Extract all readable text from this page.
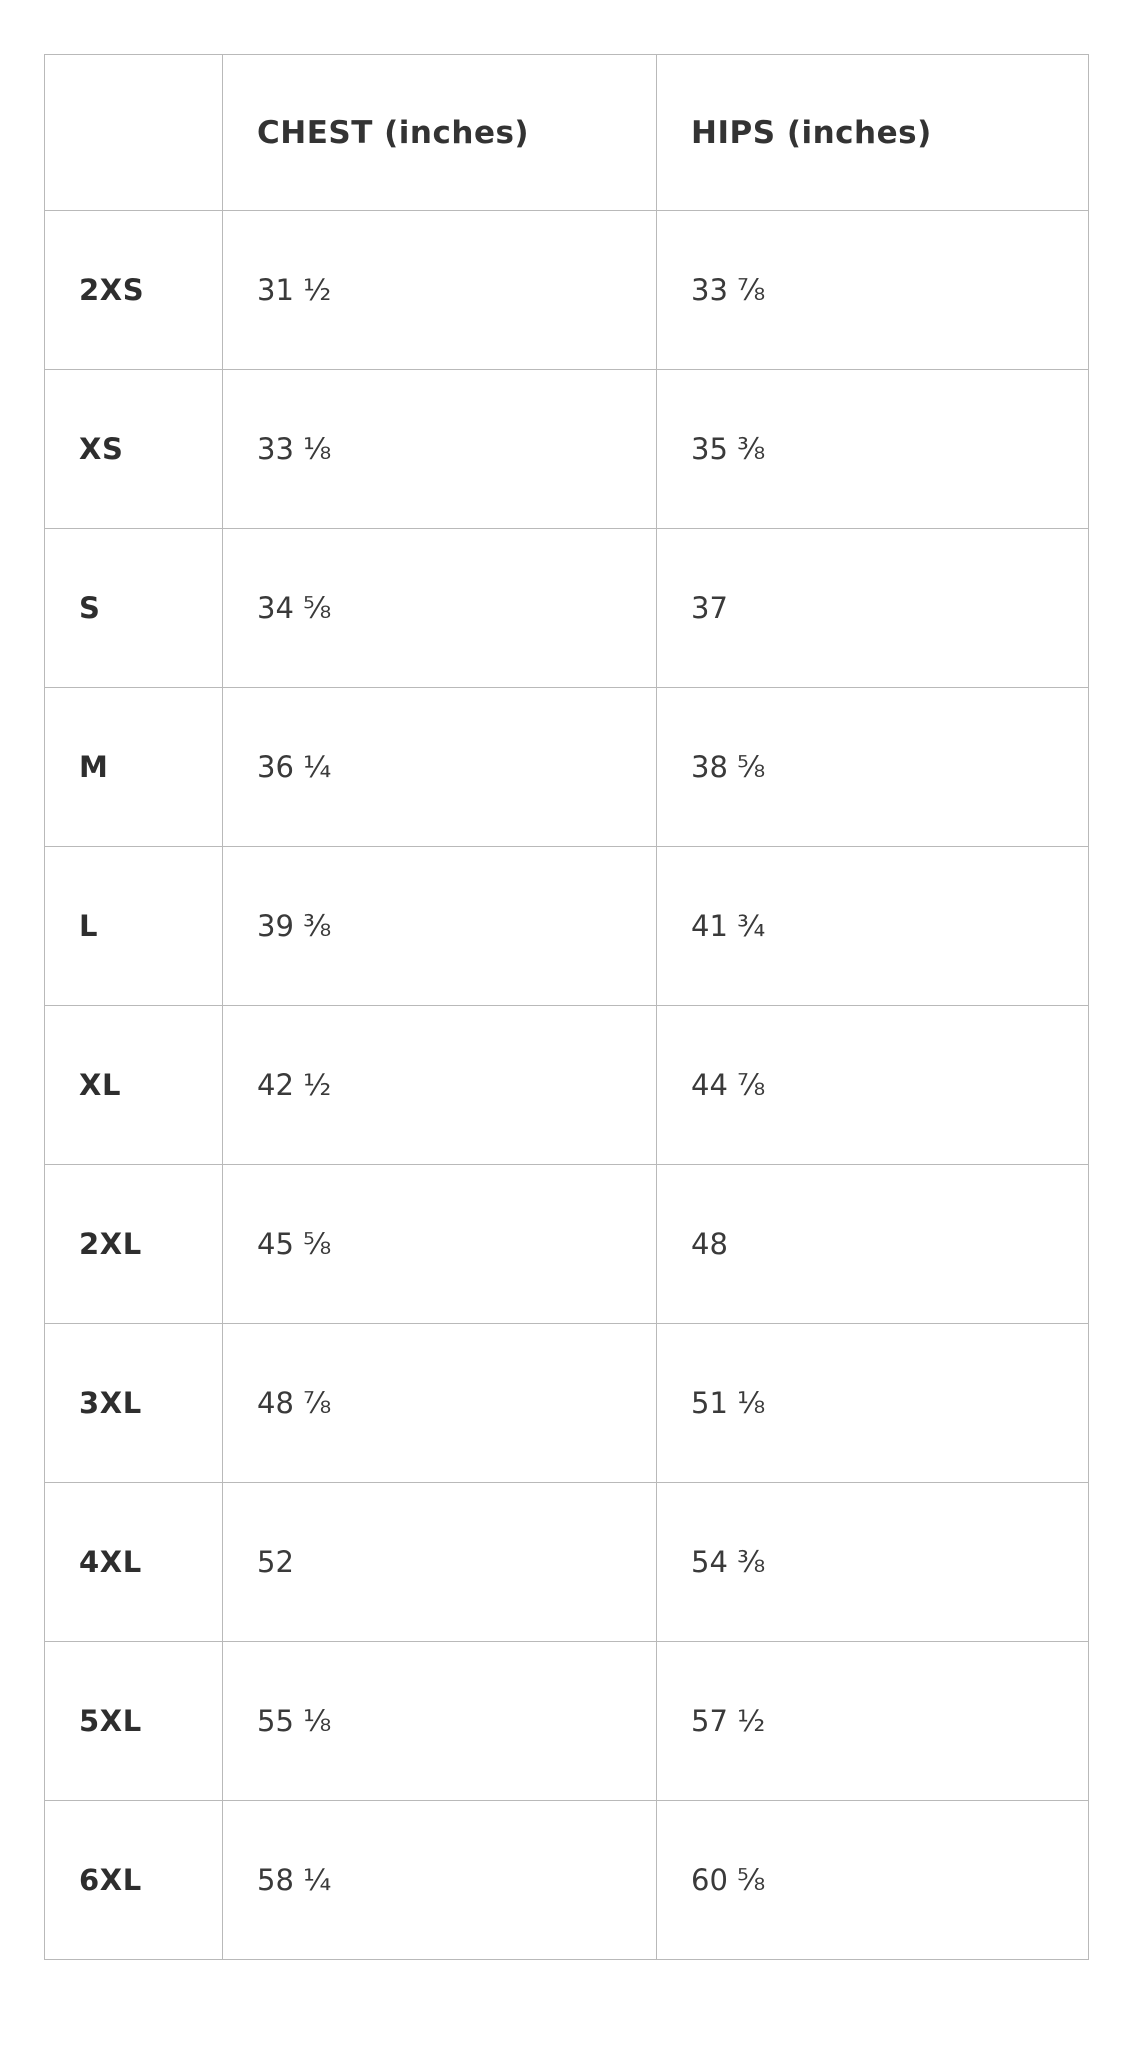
	CHEST (inches)	HIPS (inches)
2XS	31 ½	33 ⅞
XS	33 ⅛	35 ⅜
S	34 ⅝	37
M	36 ¼	38 ⅝
L	39 ⅜	41 ¾
XL	42 ½	44 ⅞
2XL	45 ⅝	48
3XL	48 ⅞	51 ⅛
4XL	52	54 ⅜
5XL	55 ⅛	57 ½
6XL	58 ¼	60 ⅝
